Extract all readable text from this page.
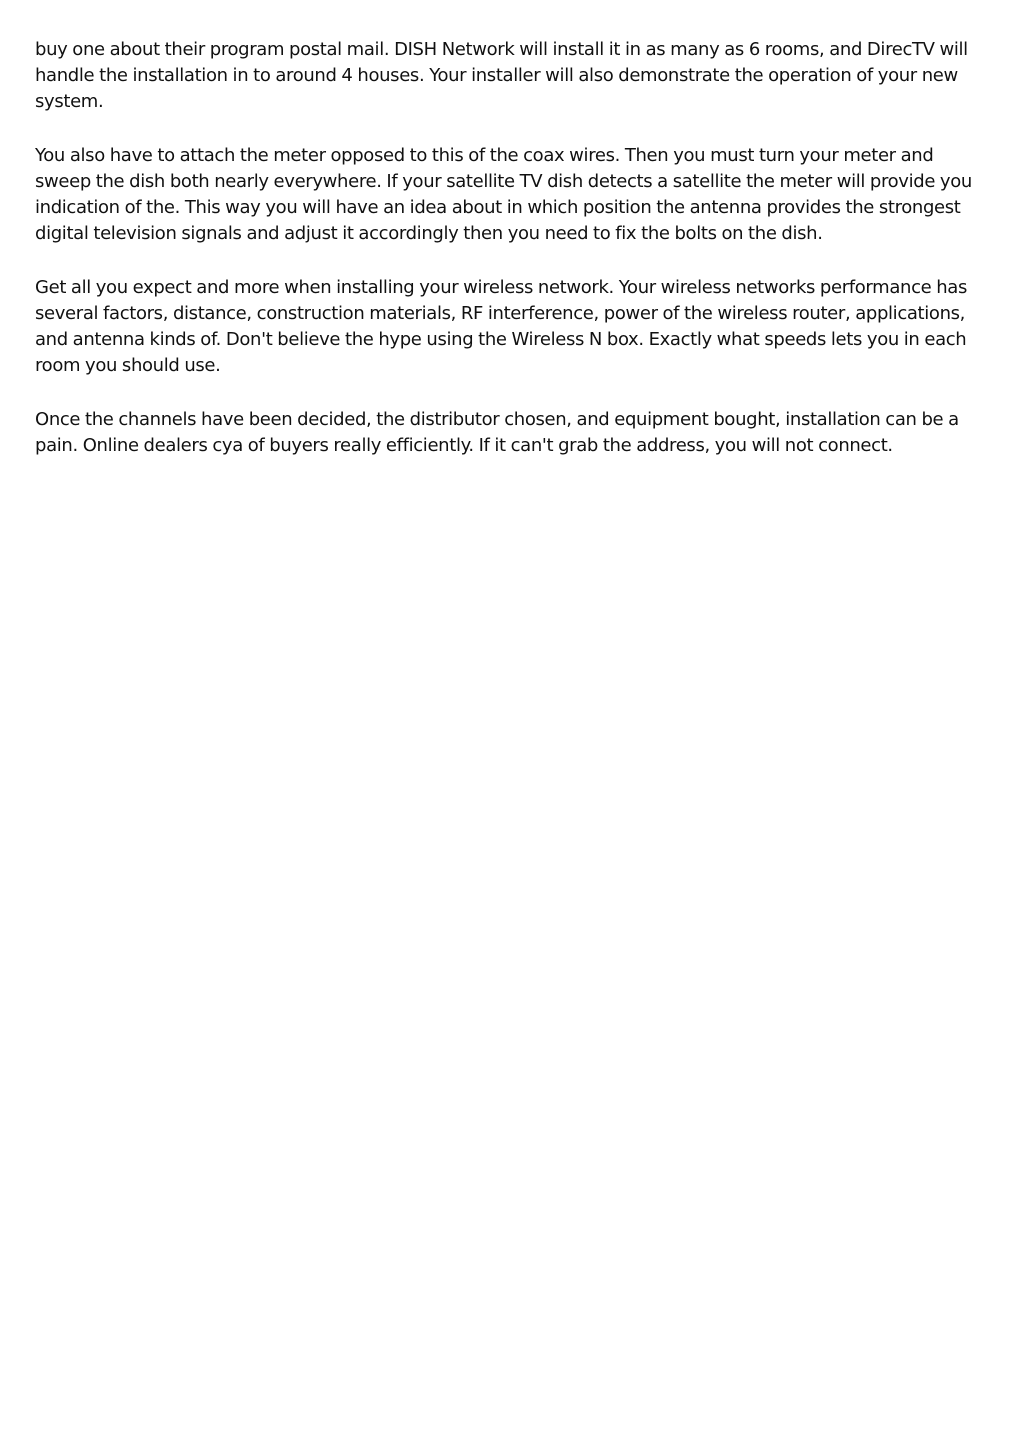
buy one about their program postal mail. DISH Network will install it in as many as 6 rooms, and DirecTV will handle the installation in to around 4 houses. Your installer will also demonstrate the operation of your new system.

You also have to attach the meter opposed to this of the coax wires. Then you must turn your meter and sweep the dish both nearly everywhere. If your satellite TV dish detects a satellite the meter will provide you indication of the. This way you will have an idea about in which position the antenna provides the strongest digital television signals and adjust it accordingly then you need to fix the bolts on the dish.

Get all you expect and more when installing your wireless network. Your wireless networks performance has several factors, distance, construction materials, RF interference, power of the wireless router, applications, and antenna kinds of. Don't believe the hype using the Wireless N box. Exactly what speeds lets you in each room you should use.

Once the channels have been decided, the distributor chosen, and equipment bought, installation can be a pain. Online dealers cya of buyers really efficiently. If it can't grab the address, you will not connect.
